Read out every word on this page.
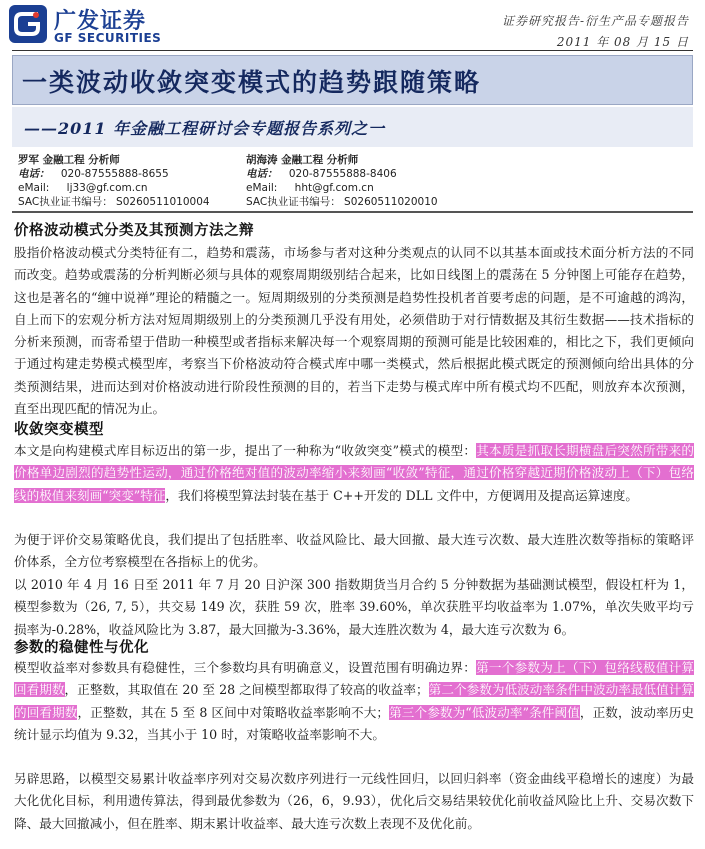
广发证券
GF SECURITIES
证券研究报告-衍生产品专题报告
2011 年 08 月 15 日
一类波动收敛突变模式的趋势跟随策略
——2011 年金融工程研讨会专题报告系列之一
罗军 金融工程 分析师
电话： 020-87555888-8655
eMail: lj33@gf.com.cn
SAC执业证书编号： S0260511010004
胡海涛 金融工程 分析师
电话： 020-87555888-8406
eMail: hht@gf.com.cn
SAC执业证书编号： S0260511020010
价格波动模式分类及其预测方法之辩
股指价格波动模式分类特征有二，趋势和震荡，市场参与者对这种分类观点的认同不以其基本面或技术面分析方法的不同而改变。趋势或震荡的分析判断必须与具体的观察周期级别结合起来，比如日线图上的震荡在 5 分钟图上可能存在趋势，这也是著名的“缠中说禅”理论的精髓之一。短周期级别的分类预测是趋势性投机者首要考虑的问题，是不可逾越的鸿沟，自上而下的宏观分析方法对短周期级别上的分类预测几乎没有用处，必须借助于对行情数据及其衍生数据——技术指标的分析来预测，而寄希望于借助一种模型或者指标来解决每一个观察周期的预测可能是比较困难的，相比之下，我们更倾向于通过构建走势模式模型库，考察当下价格波动符合模式库中哪一类模式，然后根据此模式既定的预测倾向给出具体的分类预测结果，进而达到对价格波动进行阶段性预测的目的，若当下走势与模式库中所有模式均不匹配，则放弃本次预测，直至出现匹配的情况为止。
收敛突变模型
本文是向构建模式库目标迈出的第一步，提出了一种称为“收敛突变”模式的模型：其本质是抓取长期横盘后突然所带来的价格单边剧烈的趋势性运动，通过价格绝对值的波动率缩小来刻画“收敛”特征，通过价格穿越近期价格波动上（下）包络线的极值来刻画“突变”特征，我们将模型算法封装在基于 C++开发的 DLL 文件中，方便调用及提高运算速度。
为便于评价交易策略优良，我们提出了包括胜率、收益风险比、最大回撤、最大连亏次数、最大连胜次数等指标的策略评价体系，全方位考察模型在各指标上的优劣。
以 2010 年 4 月 16 日至 2011 年 7 月 20 日沪深 300 指数期货当月合约 5 分钟数据为基础测试模型，假设杠杆为 1，模型参数为（26, 7, 5），共交易 149 次，获胜 59 次，胜率 39.60%，单次获胜平均收益率为 1.07%，单次失败平均亏损率为-0.28%，收益风险比为 3.87，最大回撤为-3.36%，最大连胜次数为 4，最大连亏次数为 6。
参数的稳健性与优化
模型收益率对参数具有稳健性，三个参数均具有明确意义，设置范围有明确边界：第一个参数为上（下）包络线极值计算回看期数，正整数，其取值在 20 至 28 之间模型都取得了较高的收益率；第二个参数为低波动率条件中波动率最低值计算的回看期数，正整数，其在 5 至 8 区间中对策略收益率影响不大；第三个参数为“低波动率”条件阈值，正数，波动率历史统计显示均值为 9.32，当其小于 10 时，对策略收益率影响不大。
另辟思路，以模型交易累计收益率序列对交易次数序列进行一元线性回归，以回归斜率（资金曲线平稳增长的速度）为最大化优化目标，利用遗传算法，得到最优参数为（26，6，9.93），优化后交易结果较优化前收益风险比上升、交易次数下降、最大回撤减小，但在胜率、期末累计收益率、最大连亏次数上表现不及优化前。
